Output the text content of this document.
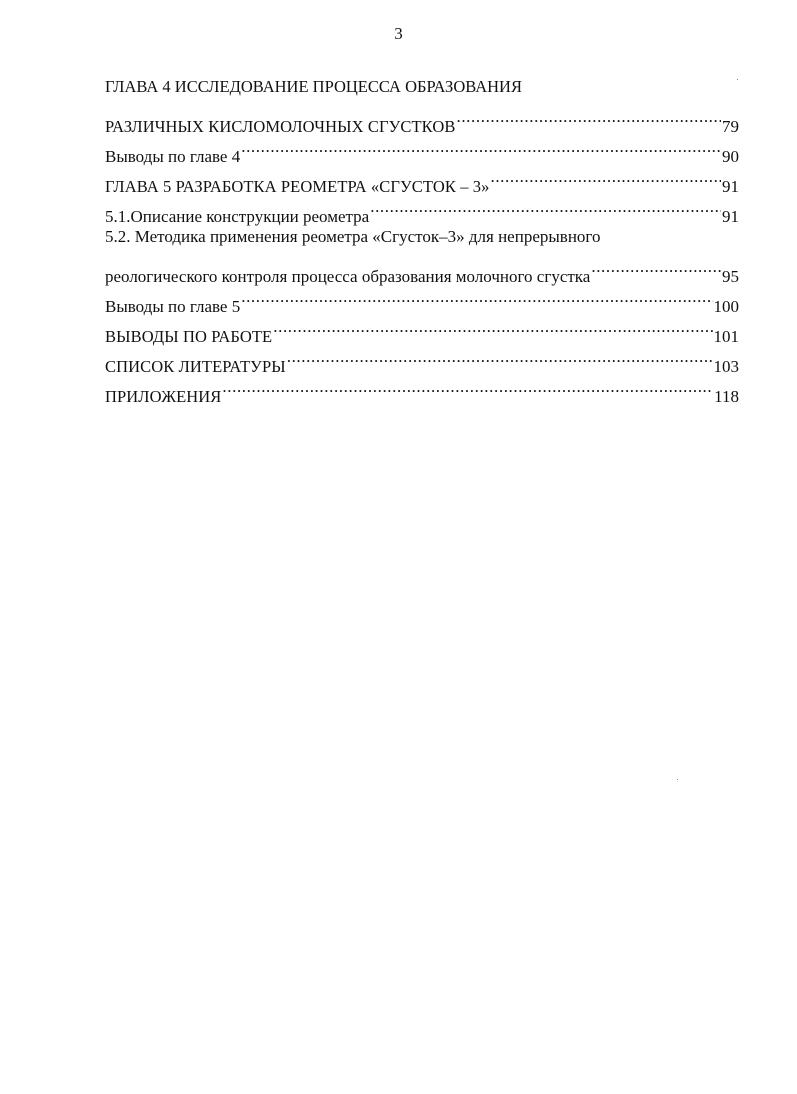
3
ГЛАВА 4 ИССЛЕДОВАНИЕ ПРОЦЕССА ОБРАЗОВАНИЯ
РАЗЛИЧНЫХ КИСЛОМОЛОЧНЫХ СГУСТКОВ .....	79
Выводы по главе 4 .....	90
ГЛАВА 5 РАЗРАБОТКА РЕОМЕТРА «СГУСТОК – 3» .....	91
5.1.Описание конструкции реометра .....	91
5.2. Методика применения реометра «Сгусток–3» для непрерывного
реологического контроля процесса образования молочного сгустка .....	95
Выводы по главе 5 .....	100
ВЫВОДЫ ПО РАБОТЕ .....	101
СПИСОК ЛИТЕРАТУРЫ .....	103
ПРИЛОЖЕНИЯ .....	118
